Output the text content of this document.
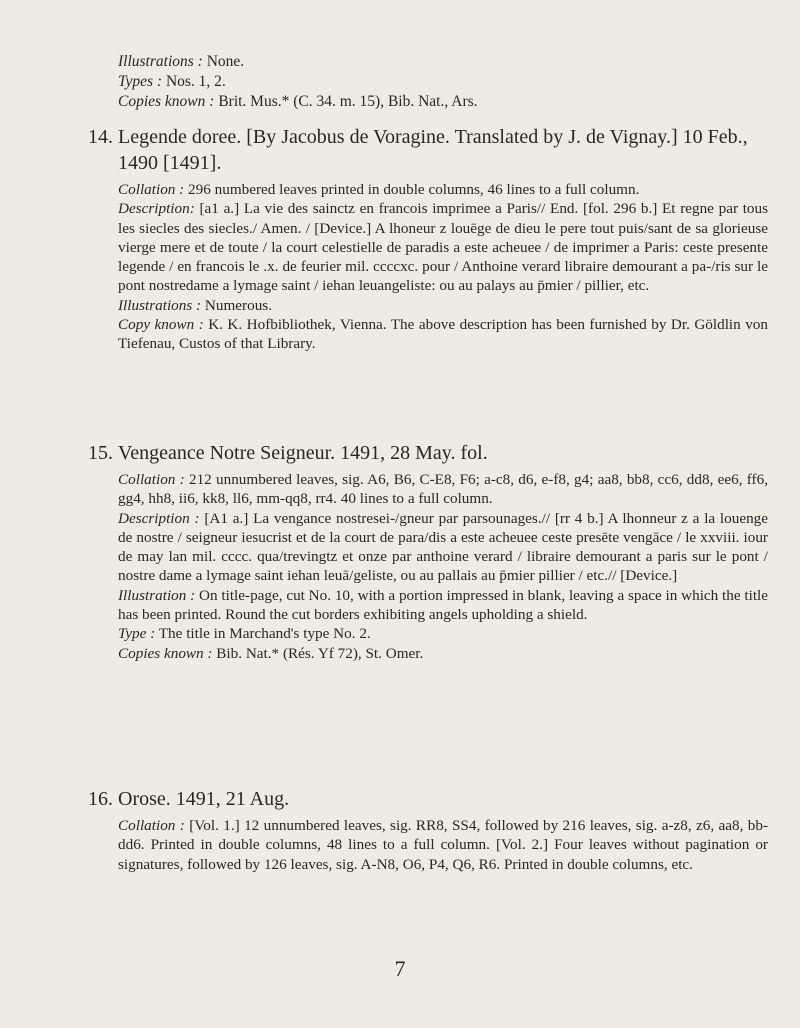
Illustrations : None.

Types : Nos. 1, 2.

Copies known : Brit. Mus.* (C. 34. m. 15), Bib. Nat., Ars.

14. Legende doree. [By Jacobus de Voragine. Translated by J. de Vignay.] 10 Feb., 1490 [1491].

Collation : 296 numbered leaves printed in double columns, 46 lines to a full column.

Description: [a1 a.] La vie des sainctz en francois imprimee a Paris// End. [fol. 296 b.] Et regne par tous les siecles des siecles./ Amen. / [Device.] A lhoneur z louēge de dieu le pere tout puis/sant de sa glorieuse vierge mere et de toute / la court celestielle de paradis a este acheuee / de imprimer a Paris: ceste presente legende / en francois le .x. de feurier mil. ccccxc. pour / Anthoine verard libraire demourant a pa-/ris sur le pont nostredame a lymage saint / iehan leuangeliste: ou au palays au p̄mier / pillier, etc.

Illustrations : Numerous.

Copy known : K. K. Hofbibliothek, Vienna. The above description has been furnished by Dr. Göldlin von Tiefenau, Custos of that Library.

15. Vengeance Notre Seigneur. 1491, 28 May. fol.

Collation : 212 unnumbered leaves, sig. A6, B6, C-E8, F6; a-c8, d6, e-f8, g4; aa8, bb8, cc6, dd8, ee6, ff6, gg4, hh8, ii6, kk8, ll6, mm-qq8, rr4. 40 lines to a full column.

Description : [A1 a.] La vengance nostresei-/gneur par parsounages.// [rr 4 b.] A lhonneur z a la louenge de nostre / seigneur iesucrist et de la court de para/dis a este acheuee ceste presēte vengāce / le xxviii. iour de may lan mil. cccc. qua/trevingtz et onze par anthoine verard / libraire demourant a paris sur le pont / nostre dame a lymage saint iehan leuā/geliste, ou au pallais au p̄mier pillier / etc.// [Device.]

Illustration : On title-page, cut No. 10, with a portion impressed in blank, leaving a space in which the title has been printed. Round the cut borders exhibiting angels upholding a shield.

Type : The title in Marchand's type No. 2.

Copies known : Bib. Nat.* (Rés. Yf 72), St. Omer.

16. Orose. 1491, 21 Aug.

Collation : [Vol. 1.] 12 unnumbered leaves, sig. RR8, SS4, followed by 216 leaves, sig. a-z8, z6, aa8, bb-dd6. Printed in double columns, 48 lines to a full column. [Vol. 2.] Four leaves without pagination or signatures, followed by 126 leaves, sig. A-N8, O6, P4, Q6, R6. Printed in double columns, etc.

7
